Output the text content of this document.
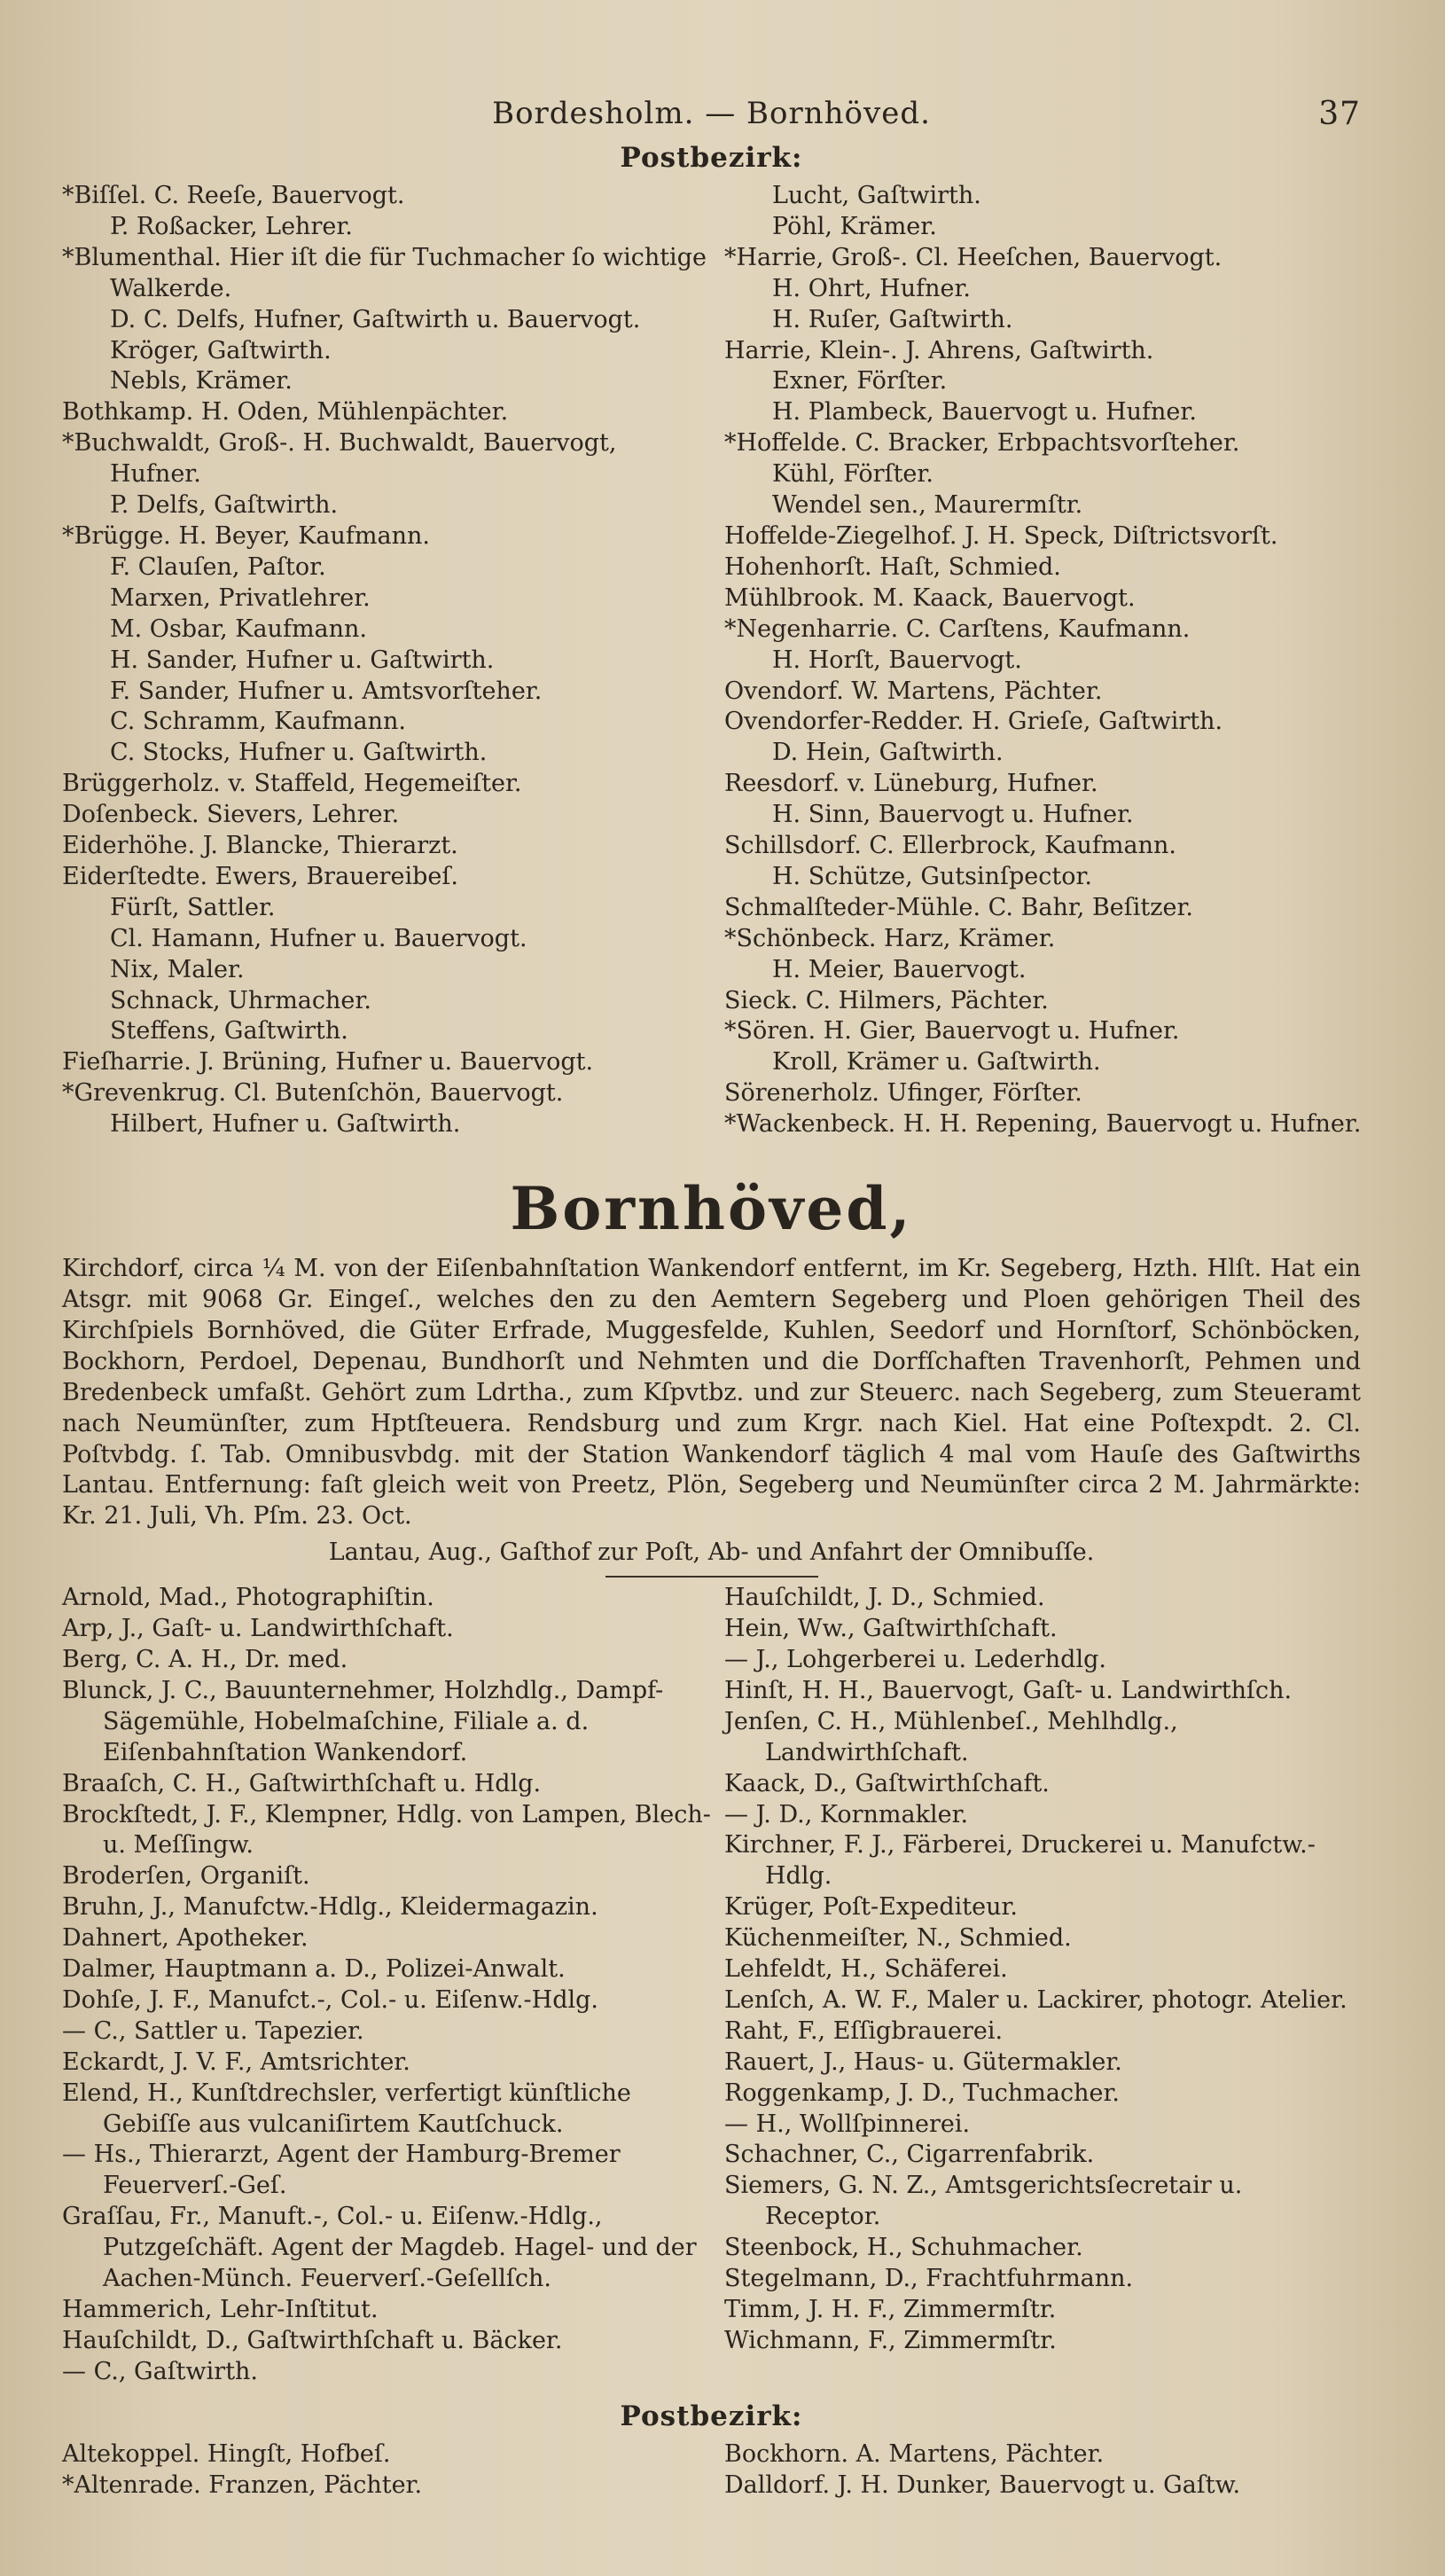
Bordesholm. — Bornhöved.	37
Postbezirk:
*Biſſel. C. Reeſe, Bauervogt.
P. Roßacker, Lehrer.
*Blumenthal. Hier iſt die für Tuchmacher ſo wichtige Walkerde.
D. C. Delfs, Hufner, Gaſtwirth u. Bauervogt.
Kröger, Gaſtwirth.
Nebls, Krämer.
Bothkamp. H. Oden, Mühlenpächter.
*Buchwaldt, Groß-. H. Buchwaldt, Bauervogt, Hufner.
P. Delfs, Gaſtwirth.
*Brügge. H. Beyer, Kaufmann.
F. Clauſen, Paſtor.
Marxen, Privatlehrer.
M. Osbar, Kaufmann.
H. Sander, Hufner u. Gaſtwirth.
F. Sander, Hufner u. Amtsvorſteher.
C. Schramm, Kaufmann.
C. Stocks, Hufner u. Gaſtwirth.
Brüggerholz. v. Staffeld, Hegemeiſter.
Doſenbeck. Sievers, Lehrer.
Eiderhöhe. J. Blancke, Thierarzt.
Eiderſtedte. Ewers, Brauereibeſ.
Fürſt, Sattler.
Cl. Hamann, Hufner u. Bauervogt.
Nix, Maler.
Schnack, Uhrmacher.
Steffens, Gaſtwirth.
Fieſharrie. J. Brüning, Hufner u. Bauervogt.
*Grevenkrug. Cl. Butenſchön, Bauervogt.
Hilbert, Hufner u. Gaſtwirth.
Lucht, Gaſtwirth.
Pöhl, Krämer.
*Harrie, Groß-. Cl. Heeſchen, Bauervogt.
H. Ohrt, Hufner.
H. Ruſer, Gaſtwirth.
Harrie, Klein-. J. Ahrens, Gaſtwirth.
Exner, Förſter.
H. Plambeck, Bauervogt u. Hufner.
*Hoffelde. C. Bracker, Erbpachtsvorſteher.
Kühl, Förſter.
Wendel sen., Maurermſtr.
Hoffelde-Ziegelhof. J. H. Speck, Diſtrictsvorſt.
Hohenhorſt. Haſt, Schmied.
Mühlbrook. M. Kaack, Bauervogt.
*Negenharrie. C. Carſtens, Kaufmann.
H. Horſt, Bauervogt.
Ovendorf. W. Martens, Pächter.
Ovendorfer-Redder. H. Grieſe, Gaſtwirth.
D. Hein, Gaſtwirth.
Reesdorf. v. Lüneburg, Hufner.
H. Sinn, Bauervogt u. Hufner.
Schillsdorf. C. Ellerbrock, Kaufmann.
H. Schütze, Gutsinſpector.
Schmalſteder-Mühle. C. Bahr, Beſitzer.
*Schönbeck. Harz, Krämer.
H. Meier, Bauervogt.
Sieck. C. Hilmers, Pächter.
*Sören. H. Gier, Bauervogt u. Hufner.
Kroll, Krämer u. Gaſtwirth.
Sörenerholz. Ufinger, Förſter.
*Wackenbeck. H. H. Repening, Bauervogt u. Hufner.
Bornhöved,
Kirchdorf, circa ¼ M. von der Eiſenbahnſtation Wankendorf entfernt, im Kr. Segeberg, Hzth. Hlſt. Hat ein Atsgr. mit 9068 Gr. Eingeſ., welches den zu den Aemtern Segeberg und Ploen gehörigen Theil des Kirchſpiels Bornhöved, die Güter Erfrade, Muggesfelde, Kuhlen, Seedorf und Hornſtorf, Schönböcken, Bockhorn, Perdoel, Depenau, Bundhorſt und Nehmten und die Dorfſchaften Travenhorſt, Pehmen und Bredenbeck umfaßt. Gehört zum Ldrtha., zum Kſpvtbz. und zur Steuerc. nach Segeberg, zum Steueramt nach Neumünſter, zum Hptſteuera. Rendsburg und zum Krgr. nach Kiel. Hat eine Poſtexpdt. 2. Cl. Poſtvbdg. ſ. Tab. Omnibusvbdg. mit der Station Wankendorf täglich 4 mal vom Hauſe des Gaſtwirths Lantau. Entfernung: faſt gleich weit von Preetz, Plön, Segeberg und Neumünſter circa 2 M. Jahrmärkte: Kr. 21. Juli, Vh. Pſm. 23. Oct.
Lantau, Aug., Gaſthof zur Poſt, Ab- und Anfahrt der Omnibuſſe.
Arnold, Mad., Photographiſtin.
Arp, J., Gaſt- u. Landwirthſchaft.
Berg, C. A. H., Dr. med.
Blunck, J. C., Bauunternehmer, Holzhdlg., Dampf-Sägemühle, Hobelmaſchine, Filiale a. d. Eiſenbahnſtation Wankendorf.
Braaſch, C. H., Gaſtwirthſchaft u. Hdlg.
Brockſtedt, J. F., Klempner, Hdlg. von Lampen, Blech- u. Meſſingw.
Broderſen, Organiſt.
Bruhn, J., Manufctw.-Hdlg., Kleidermagazin.
Dahnert, Apotheker.
Dalmer, Hauptmann a. D., Polizei-Anwalt.
Dohſe, J. F., Manufct.-, Col.- u. Eiſenw.-Hdlg.
— C., Sattler u. Tapezier.
Eckardt, J. V. F., Amtsrichter.
Elend, H., Kunſtdrechsler, verfertigt künſtliche Gebiſſe aus vulcaniſirtem Kautſchuck.
— Hs., Thierarzt, Agent der Hamburg-Bremer Feuerverſ.-Geſ.
Graſſau, Fr., Manuft.-, Col.- u. Eiſenw.-Hdlg., Putzgeſchäft. Agent der Magdeb. Hagel- und der Aachen-Münch. Feuerverſ.-Geſellſch.
Hammerich, Lehr-Inſtitut.
Hauſchildt, D., Gaſtwirthſchaft u. Bäcker.
— C., Gaſtwirth.
Hauſchildt, J. D., Schmied.
Hein, Ww., Gaſtwirthſchaft.
— J., Lohgerberei u. Lederhdlg.
Hinſt, H. H., Bauervogt, Gaſt- u. Landwirthſch.
Jenſen, C. H., Mühlenbeſ., Mehlhdlg., Landwirthſchaft.
Kaack, D., Gaſtwirthſchaft.
— J. D., Kornmakler.
Kirchner, F. J., Färberei, Druckerei u. Manufctw.-Hdlg.
Krüger, Poſt-Expediteur.
Küchenmeiſter, N., Schmied.
Lehfeldt, H., Schäferei.
Lenſch, A. W. F., Maler u. Lackirer, photogr. Atelier.
Raht, F., Eſſigbrauerei.
Rauert, J., Haus- u. Gütermakler.
Roggenkamp, J. D., Tuchmacher.
— H., Wollſpinnerei.
Schachner, C., Cigarrenfabrik.
Siemers, G. N. Z., Amtsgerichtsſecretair u. Receptor.
Steenbock, H., Schuhmacher.
Stegelmann, D., Frachtfuhrmann.
Timm, J. H. F., Zimmermſtr.
Wichmann, F., Zimmermſtr.
Postbezirk:
Altekoppel. Hingſt, Hofbeſ.
*Altenrade. Franzen, Pächter.
Bockhorn. A. Martens, Pächter.
Dalldorf. J. H. Dunker, Bauervogt u. Gaſtw.
